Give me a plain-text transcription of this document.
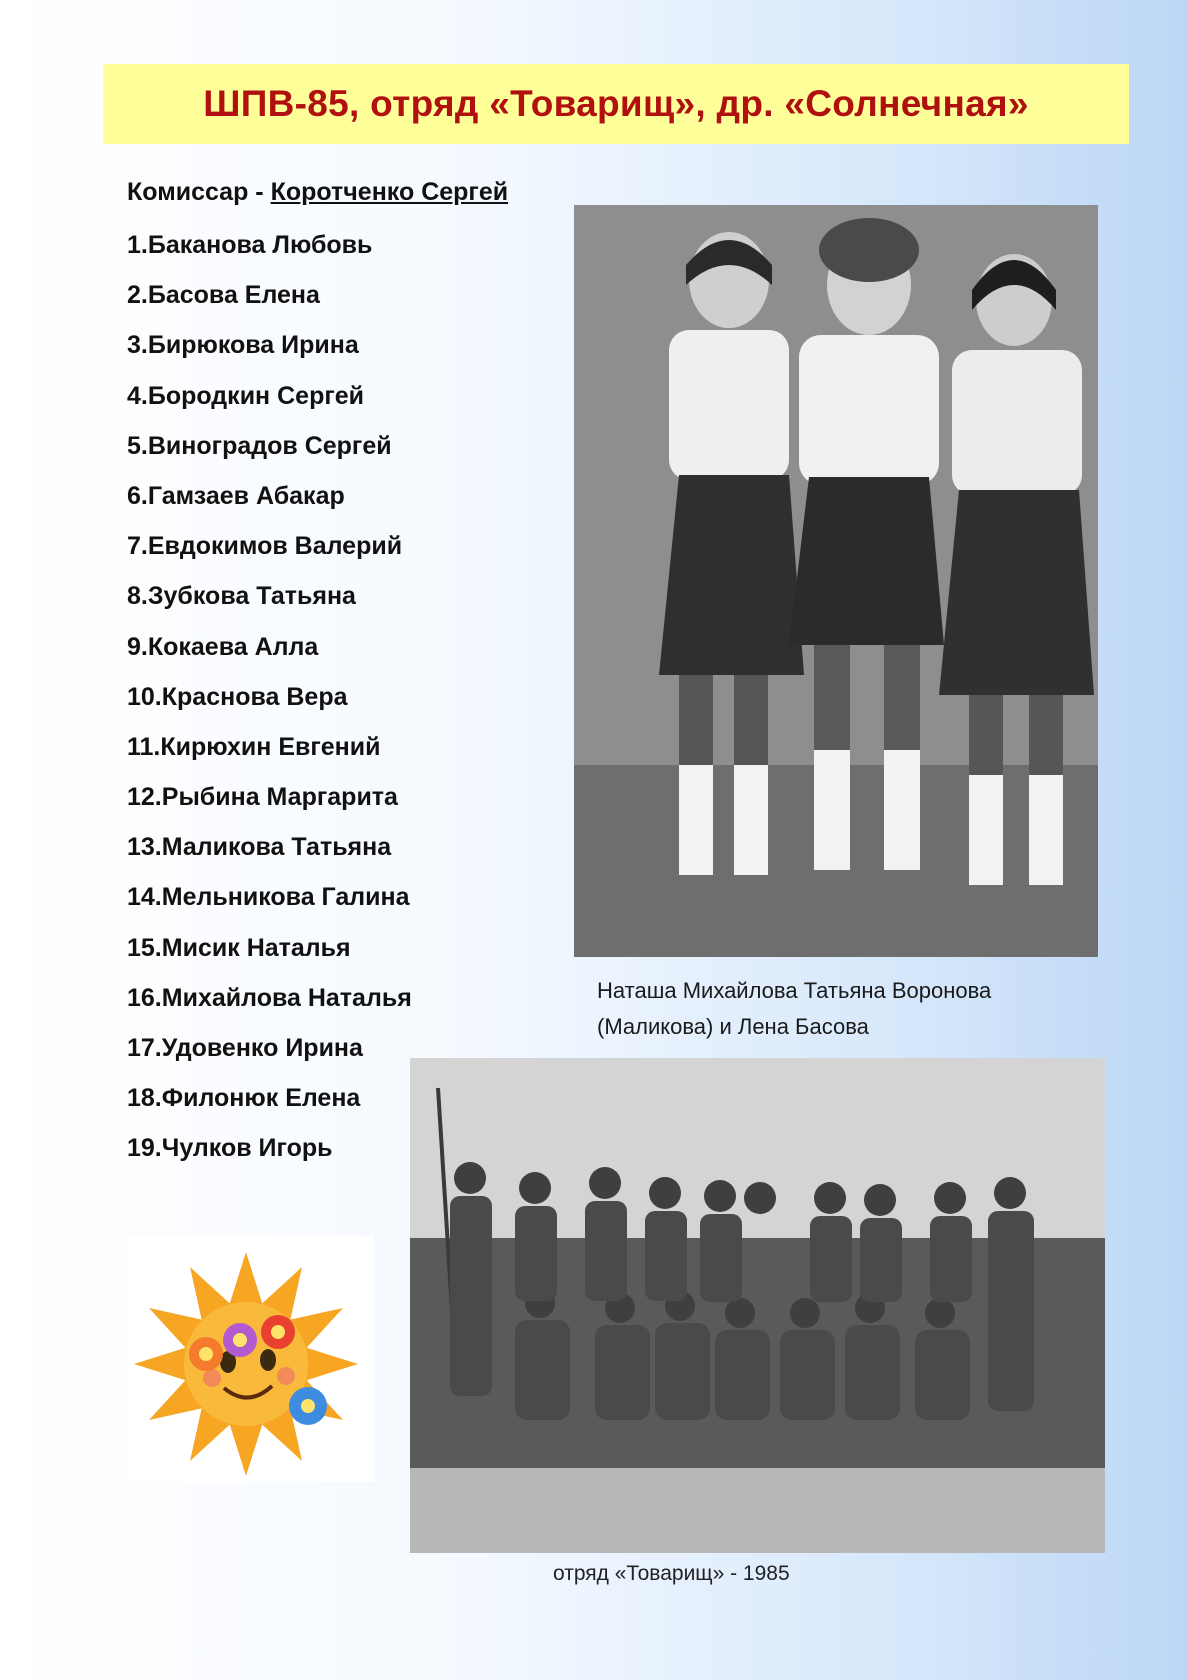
ШПВ-85, отряд «Товарищ», др. «Солнечная»
Комиссар - Коротченко Сергей
1.Баканова Любовь
2.Басова Елена
3.Бирюкова Ирина
4.Бородкин Сергей
5.Виноградов Сергей
6.Гамзаев Абакар
7.Евдокимов Валерий
8.Зубкова Татьяна
9.Кокаева Алла
10.Краснова Вера
11.Кирюхин Евгений
12.Рыбина Маргарита
13.Маликова Татьяна
14.Мельникова Галина
15.Мисик Наталья
16.Михайлова Наталья
17.Удовенко Ирина
18.Филонюк Елена
19.Чулков Игорь
Наташа Михайлова Татьяна Воронова
(Маликова) и Лена Басова
отряд «Товарищ» - 1985
